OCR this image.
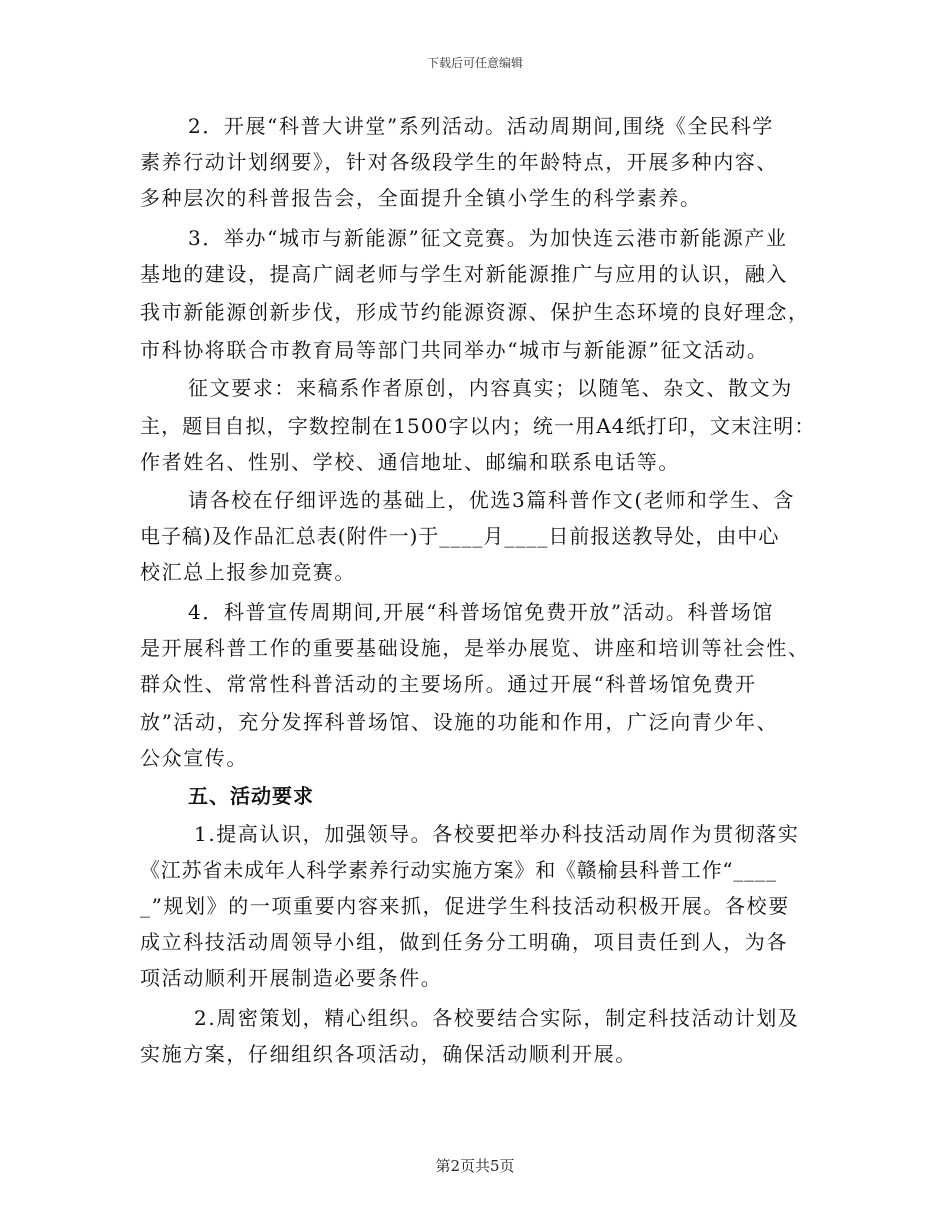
下载后可任意编辑
2．开展“科普大讲堂”系列活动。活动周期间,围绕《全民科学
素养行动计划纲要》，针对各级段学生的年龄特点，开展多种内容、
多种层次的科普报告会，全面提升全镇小学生的科学素养。
3．举办“城市与新能源”征文竞赛。为加快连云港市新能源产业
基地的建设，提高广阔老师与学生对新能源推广与应用的认识，融入
我市新能源创新步伐，形成节约能源资源、保护生态环境的良好理念，
市科协将联合市教育局等部门共同举办“城市与新能源”征文活动。
征文要求：来稿系作者原创，内容真实；以随笔、杂文、散文为
主，题目自拟，字数控制在1500字以内；统一用A4纸打印，文末注明：
作者姓名、性别、学校、通信地址、邮编和联系电话等。
请各校在仔细评选的基础上，优选3篇科普作文(老师和学生、含
电子稿)及作品汇总表(附件一)于____月____日前报送教导处，由中心
校汇总上报参加竞赛。
4．科普宣传周期间,开展“科普场馆免费开放”活动。科普场馆
是开展科普工作的重要基础设施，是举办展览、讲座和培训等社会性、
群众性、常常性科普活动的主要场所。通过开展“科普场馆免费开
放”活动，充分发挥科普场馆、设施的功能和作用，广泛向青少年、
公众宣传。
五、活动要求
1.提高认识，加强领导。各校要把举办科技活动周作为贯彻落实
《江苏省未成年人科学素养行动实施方案》和《赣榆县科普工作“____
_”规划》的一项重要内容来抓，促进学生科技活动积极开展。各校要
成立科技活动周领导小组，做到任务分工明确，项目责任到人，为各
项活动顺利开展制造必要条件。
2.周密策划，精心组织。各校要结合实际，制定科技活动计划及
实施方案，仔细组织各项活动，确保活动顺利开展。
第2页共5页
